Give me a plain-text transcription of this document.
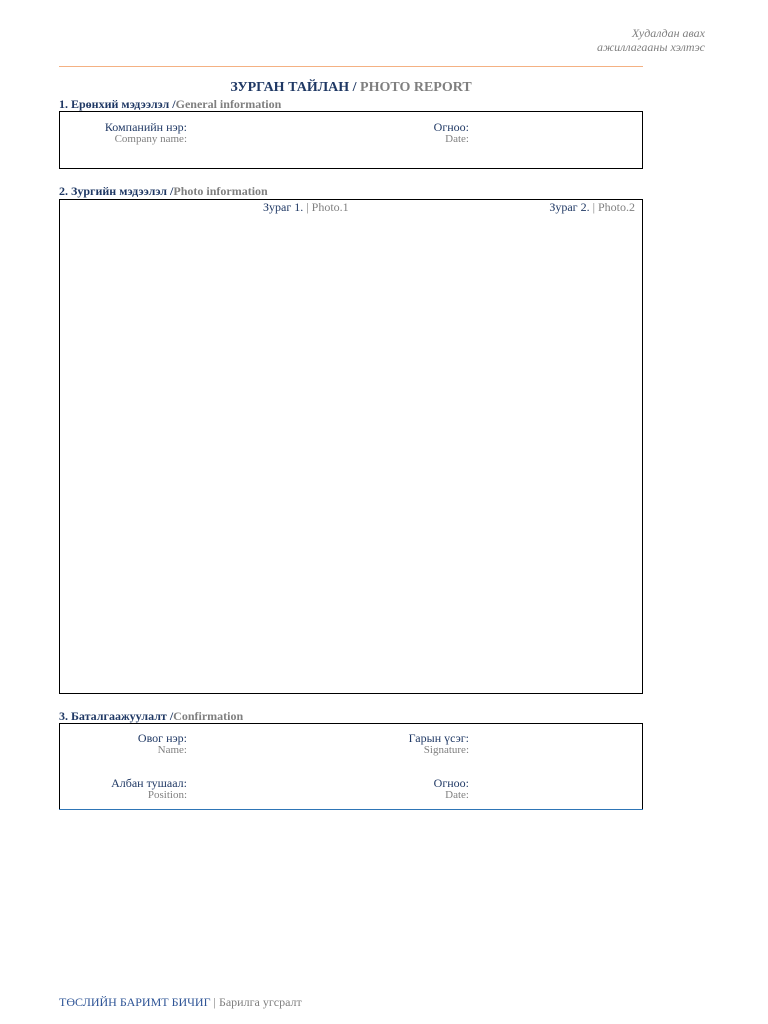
Худалдан авах
ажиллагааны хэлтэс
ЗУРГАН ТАЙЛАН / PHOTO REPORT
1. Ерөнхий мэдээлэл /General information
Компанийн нэр:
Company name:
Огноо:
Date:
2. Зургийн мэдээлэл /Photo information
Зураг 1. | Photo.1	Зураг 2. | Photo.2
3. Баталгаажуулалт /Confirmation
Овог нэр:
Name:
Гарын үсэг:
Signature:
Албан тушаал:
Position:
Огноо:
Date:
ТӨСЛИЙН БАРИМТ БИЧИГ | Барилга угсралт
